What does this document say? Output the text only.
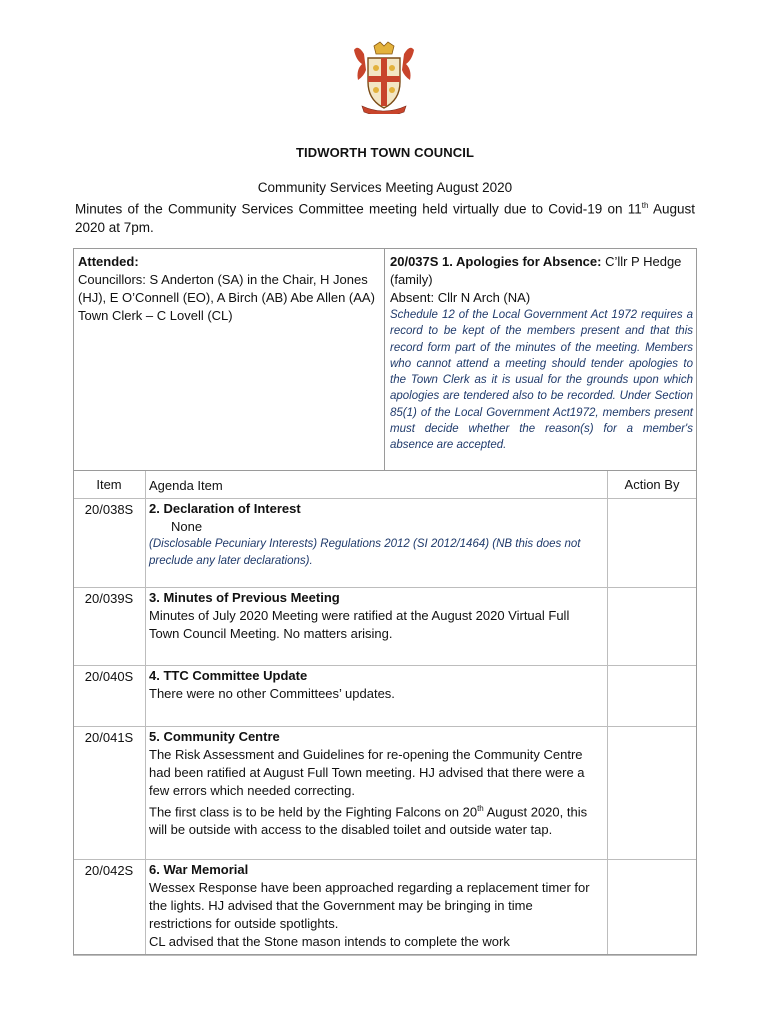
TIDWORTH TOWN COUNCIL
Community Services Meeting August 2020
Minutes of the Community Services Committee meeting held virtually due to Covid-19 on 11th August 2020 at 7pm.
Attended:
Councillors: S Anderton (SA) in the Chair, H Jones (HJ), E O’Connell (EO), A Birch (AB) Abe Allen (AA)
Town Clerk – C Lovell (CL)
20/037S 1. Apologies for Absence: C’llr P Hedge (family)
Absent: Cllr N Arch (NA)
Schedule 12 of the Local Government Act 1972 requires a record to be kept of the members present and that this record form part of the minutes of the meeting. Members who cannot attend a meeting should tender apologies to the Town Clerk as it is usual for the grounds upon which apologies are tendered also to be recorded. Under Section 85(1) of the Local Government Act1972, members present must decide whether the reason(s) for a member's absence are accepted.
Item	Agenda Item	Action By
20/038S	2. Declaration of Interest
None
(Disclosable Pecuniary Interests) Regulations 2012 (SI 2012/1464) (NB this does not preclude any later declarations).
20/039S	3. Minutes of Previous Meeting
Minutes of July 2020 Meeting were ratified at the August 2020 Virtual Full Town Council Meeting. No matters arising.
20/040S	4. TTC Committee Update
There were no other Committees’ updates.
20/041S	5. Community Centre
The Risk Assessment and Guidelines for re-opening the Community Centre had been ratified at August Full Town meeting. HJ advised that there were a few errors which needed correcting.
The first class is to be held by the Fighting Falcons on 20th August 2020, this will be outside with access to the disabled toilet and outside water tap.
20/042S	6. War Memorial
Wessex Response have been approached regarding a replacement timer for the lights. HJ advised that the Government may be bringing in time restrictions for outside spotlights.
CL advised that the Stone mason intends to complete the work
